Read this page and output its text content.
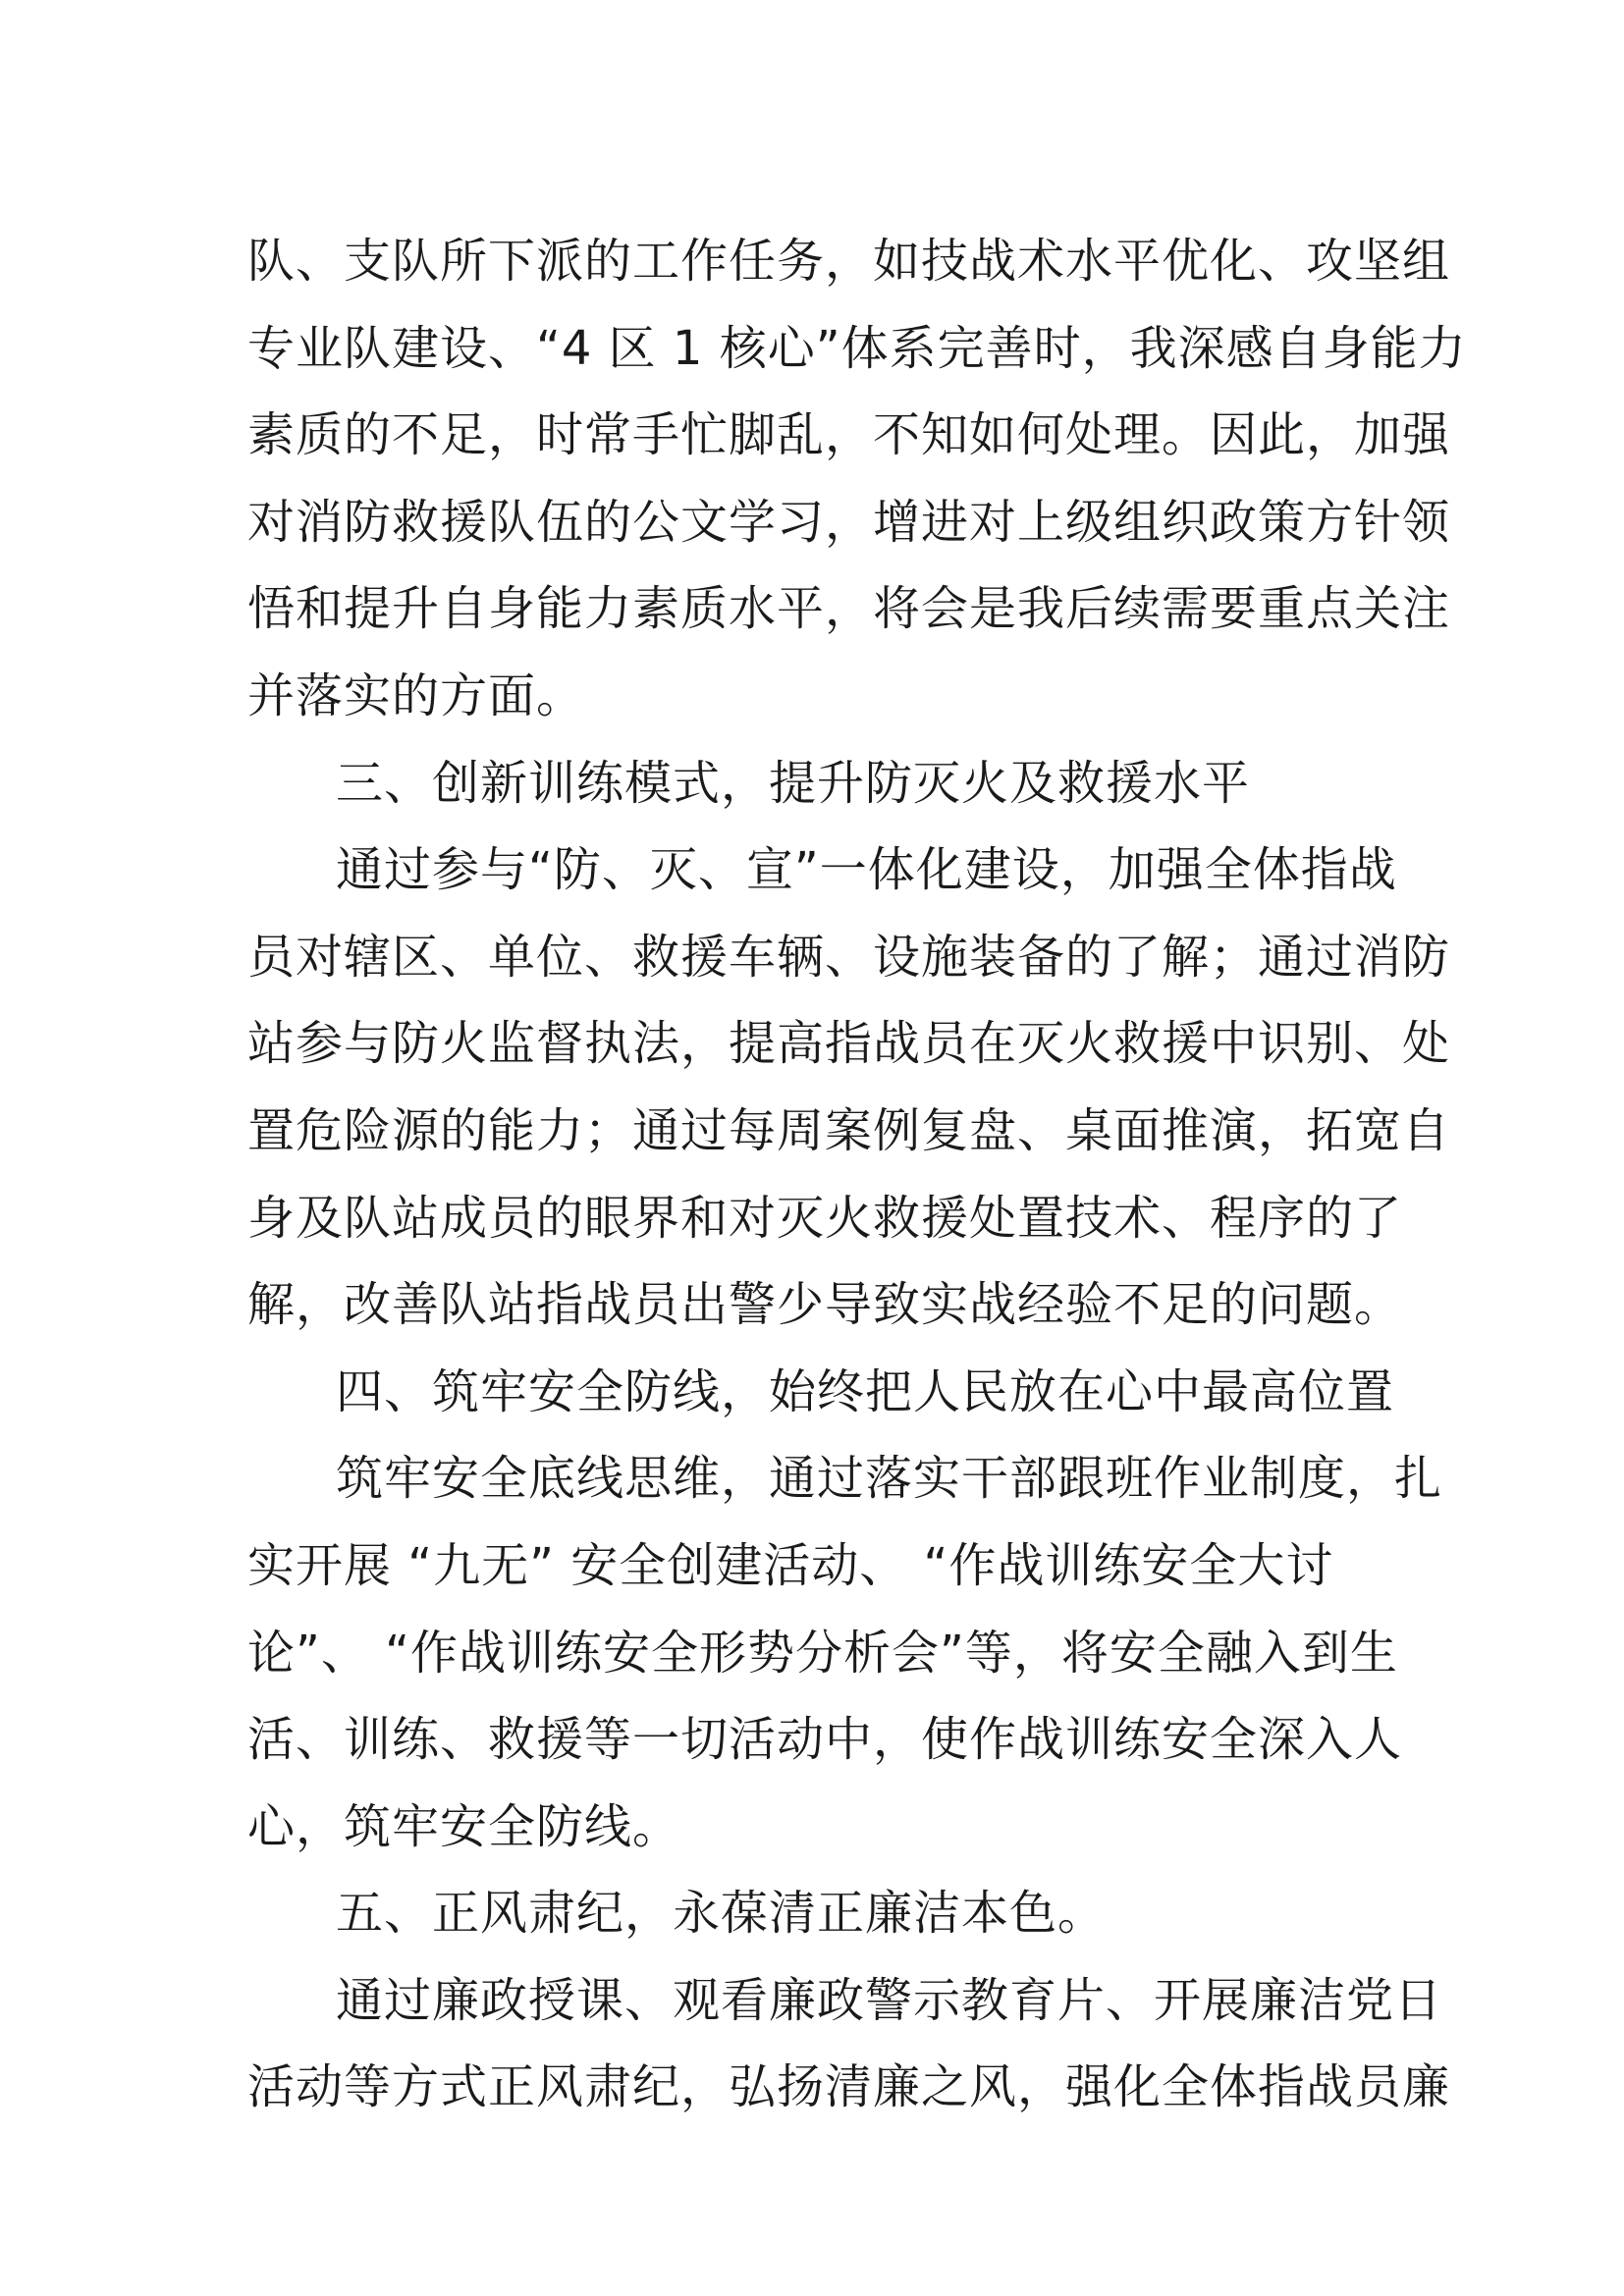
队、支队所下派的工作任务，如技战术水平优化、攻坚组
专业队建设、“4 区 1 核心”体系完善时，我深感自身能力
素质的不足，时常手忙脚乱，不知如何处理。因此，加强
对消防救援队伍的公文学习，增进对上级组织政策方针领
悟和提升自身能力素质水平，将会是我后续需要重点关注
并落实的方面。
三、创新训练模式，提升防灭火及救援水平
通过参与“防、灭、宣”一体化建设，加强全体指战
员对辖区、单位、救援车辆、设施装备的了解；通过消防
站参与防火监督执法，提高指战员在灭火救援中识别、处
置危险源的能力；通过每周案例复盘、桌面推演，拓宽自
身及队站成员的眼界和对灭火救援处置技术、程序的了
解，改善队站指战员出警少导致实战经验不足的问题。
四、筑牢安全防线，始终把人民放在心中最高位置
筑牢安全底线思维，通过落实干部跟班作业制度，扎
实开展 “九无” 安全创建活动、 “作战训练安全大讨
论”、 “作战训练安全形势分析会”等，将安全融入到生
活、训练、救援等一切活动中，使作战训练安全深入人
心，筑牢安全防线。
五、正风肃纪，永葆清正廉洁本色。
通过廉政授课、观看廉政警示教育片、开展廉洁党日
活动等方式正风肃纪，弘扬清廉之风，强化全体指战员廉
